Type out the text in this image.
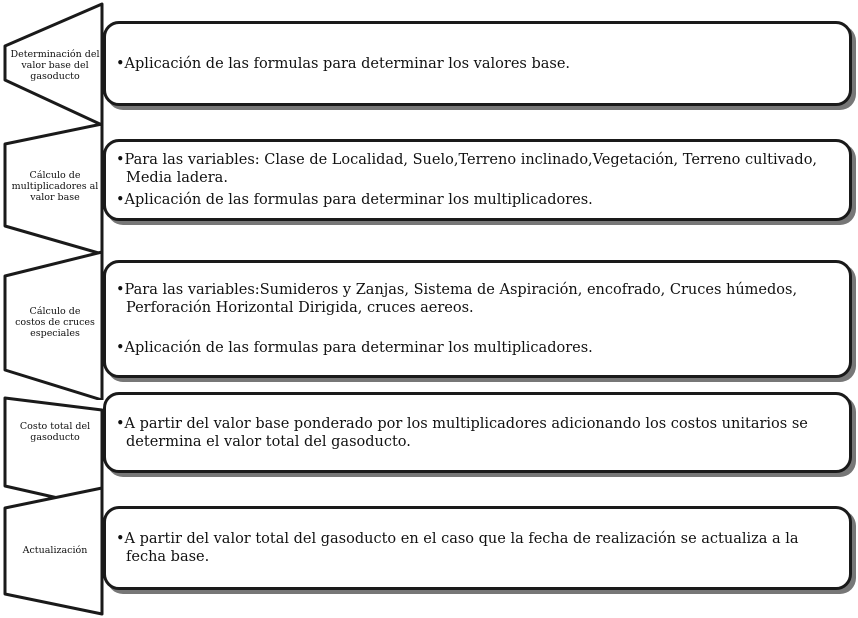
Determinación del valor base del gasoducto

•Aplicación de las formulas para determinar los valores base.

Cálculo de multiplicadores al valor base

•Para las variables: Clase de Localidad, Suelo,Terreno inclinado,Vegetación, Terreno cultivado, Media ladera.

•Aplicación de las formulas para determinar los multiplicadores.

Cálculo de costos de cruces especiales

•Para las variables:Sumideros y Zanjas, Sistema de Aspiración, encofrado, Cruces húmedos, Perforación Horizontal Dirigida, cruces aereos.

•Aplicación de las formulas para determinar los multiplicadores.

Costo total del gasoducto

•A partir del valor base ponderado por los multiplicadores adicionando los costos unitarios se determina el valor total del gasoducto.

Actualización

•A partir del valor total del gasoducto en el caso que la fecha de realización se actualiza a la fecha base.
